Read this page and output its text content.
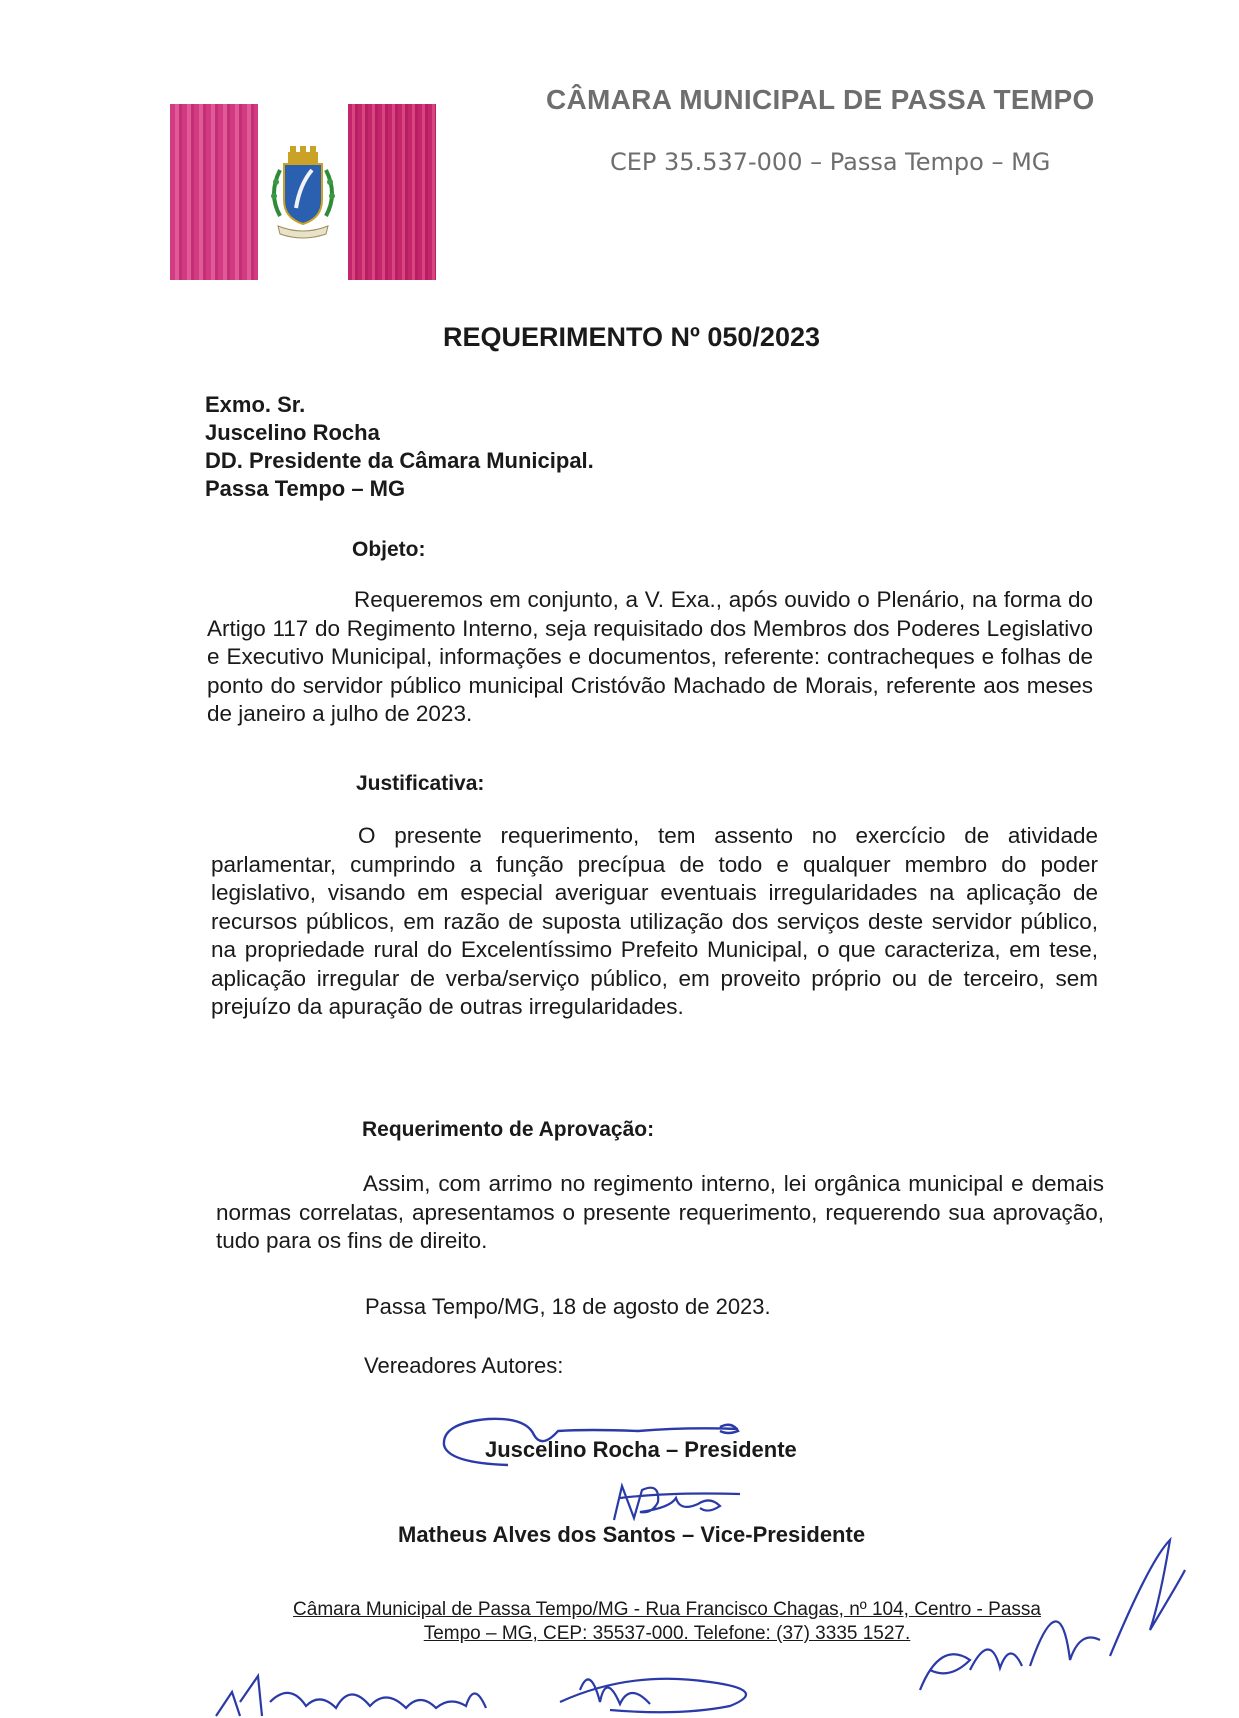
CÂMARA MUNICIPAL DE PASSA TEMPO
CEP 35.537-000 – Passa Tempo – MG
REQUERIMENTO Nº 050/2023
Exmo. Sr.
Juscelino Rocha
DD. Presidente da Câmara Municipal.
Passa Tempo – MG
Objeto:

Requeremos em conjunto, a V. Exa., após ouvido o Plenário, na forma do Artigo 117 do Regimento Interno, seja requisitado dos Membros dos Poderes Legislativo e Executivo Municipal, informações e documentos, referente: contracheques e folhas de ponto do servidor público municipal Cristóvão Machado de Morais, referente aos meses de janeiro a julho de 2023.

Justificativa:

O presente requerimento, tem assento no exercício de atividade parlamentar, cumprindo a função precípua de todo e qualquer membro do poder legislativo, visando em especial averiguar eventuais irregularidades na aplicação de recursos públicos, em razão de suposta utilização dos serviços deste servidor público, na propriedade rural do Excelentíssimo Prefeito Municipal, o que caracteriza, em tese, aplicação irregular de verba/serviço público, em proveito próprio ou de terceiro, sem prejuízo da apuração de outras irregularidades.

Requerimento de Aprovação:

Assim, com arrimo no regimento interno, lei orgânica municipal e demais normas correlatas, apresentamos o presente requerimento, requerendo sua aprovação, tudo para os fins de direito.

Passa Tempo/MG, 18 de agosto de 2023.
Vereadores Autores:
Juscelino Rocha – Presidente
Matheus Alves dos Santos – Vice-Presidente
Câmara Municipal de Passa Tempo/MG - Rua Francisco Chagas, nº 104, Centro - Passa
Tempo – MG, CEP: 35537-000. Telefone: (37) 3335 1527.
